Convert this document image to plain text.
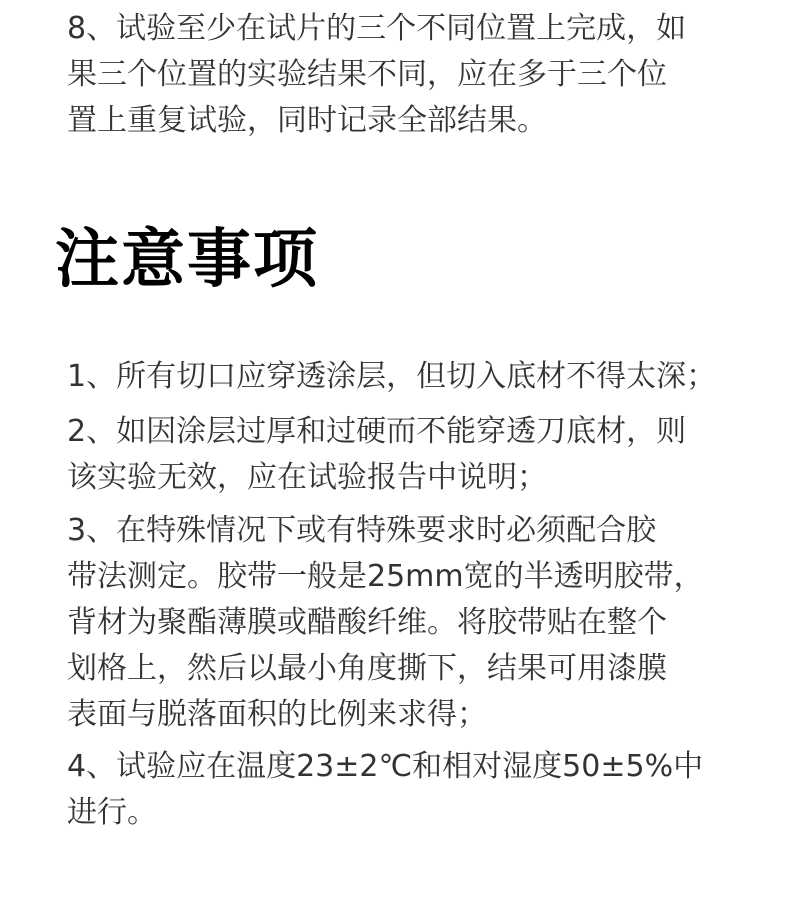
8、试验至少在试片的三个不同位置上完成，如
果三个位置的实验结果不同，应在多于三个位
置上重复试验，同时记录全部结果。
注意事项
1、所有切口应穿透涂层，但切入底材不得太深；
2、如因涂层过厚和过硬而不能穿透刀底材，则
该实验无效，应在试验报告中说明；
3、在特殊情况下或有特殊要求时必须配合胶
带法测定。胶带一般是25mm宽的半透明胶带，
背材为聚酯薄膜或醋酸纤维。将胶带贴在整个
划格上，然后以最小角度撕下，结果可用漆膜
表面与脱落面积的比例来求得；
4、试验应在温度23±2℃和相对湿度50±5%中
进行。
